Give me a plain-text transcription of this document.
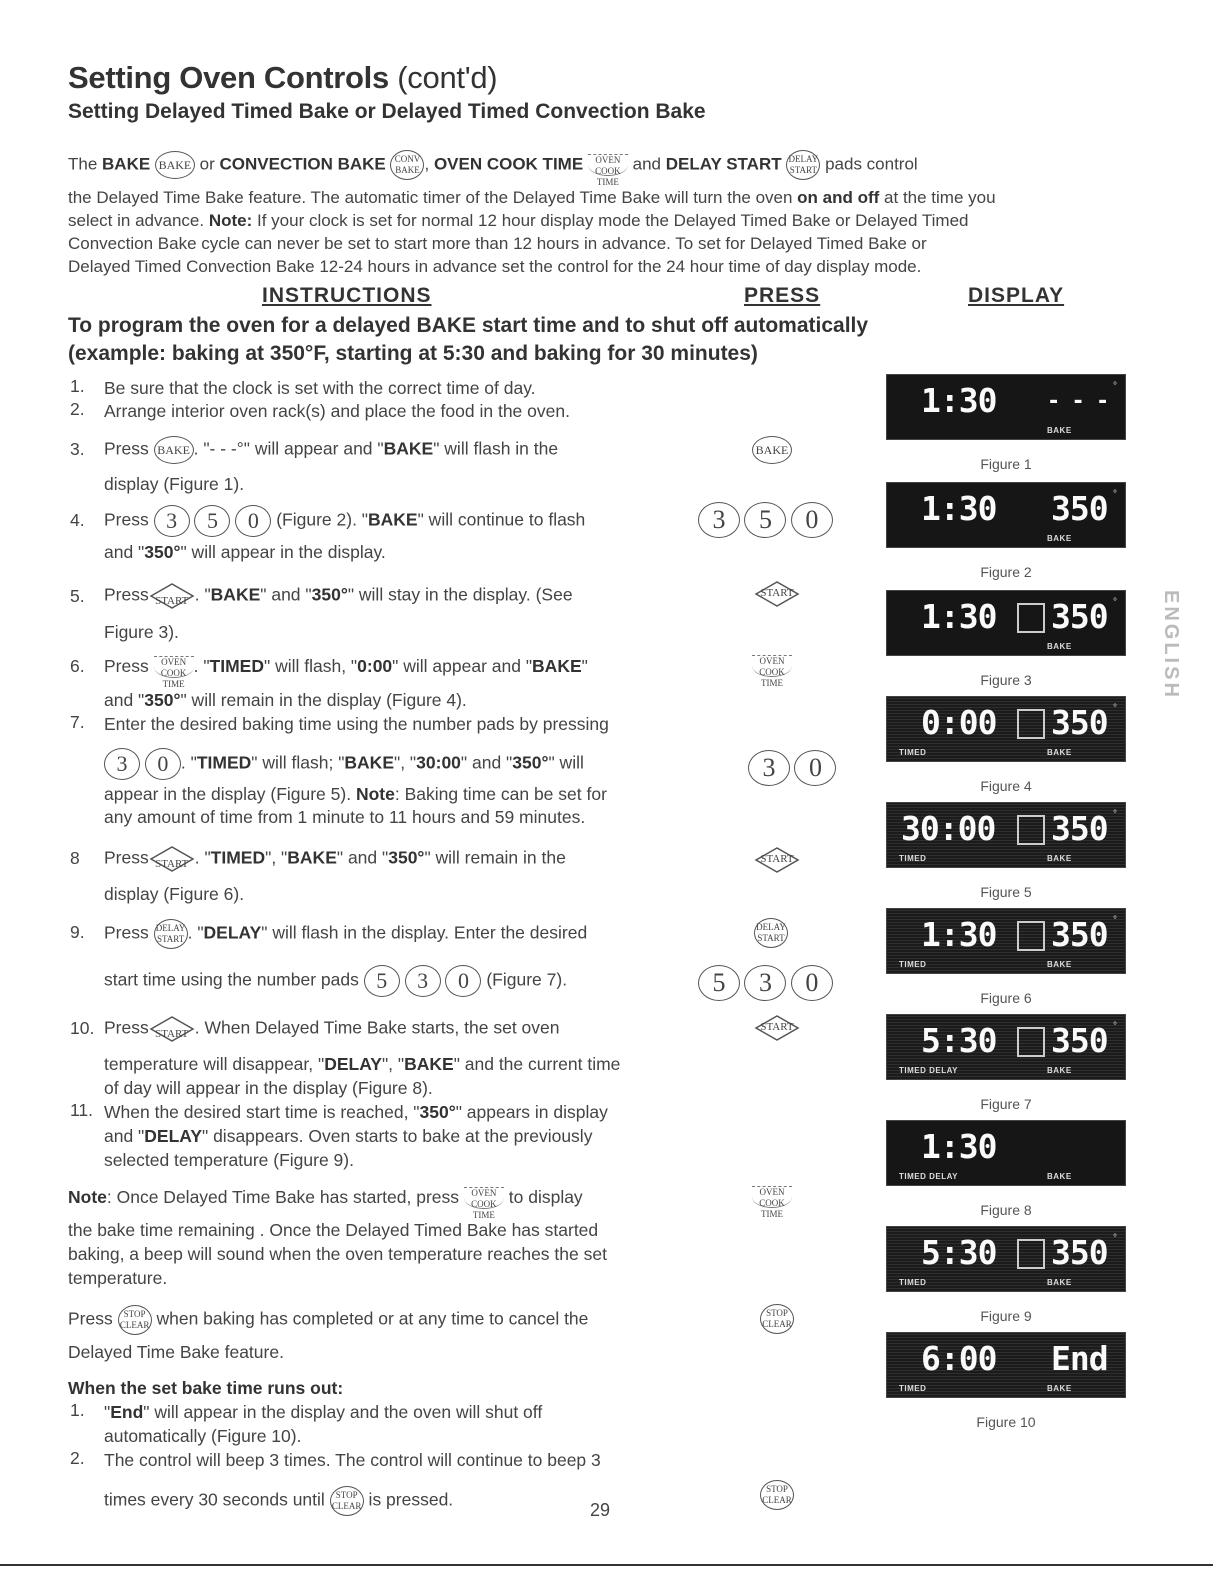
Setting Oven Controls (cont'd)
Setting Delayed Timed Bake or Delayed Timed Convection Bake
The BAKE BAKE or CONVECTION BAKE CONV
BAKE , OVEN COOK TIME OVEN COOK
TIME and DELAY START DELAY
START pads control
the Delayed Time Bake feature. The automatic timer of the Delayed Time Bake will turn the oven on and off at the time you
select in advance. Note: If your clock is set for normal 12 hour display mode the Delayed Timed Bake or Delayed Timed
Convection Bake cycle can never be set to start more than 12 hours in advance. To set for Delayed Timed Bake or
Delayed Timed Convection Bake 12-24 hours in advance set the control for the 24 hour time of day display mode.
INSTRUCTIONS	PRESS	DISPLAY
To program the oven for a delayed BAKE start time and to shut off automatically
(example: baking at 350°F, starting at 5:30 and baking for 30 minutes)
1.	Be sure that the clock is set with the correct time of day.
2.	Arrange interior oven rack(s) and place the food in the oven.
3.	Press BAKE . "- - -°" will appear and "BAKE" will flash in the
display (Figure 1).
4.	Press 3 5 0 (Figure 2). "BAKE" will continue to flash
and "350°" will appear in the display.
5.	Press START . "BAKE" and "350°" will stay in the display. (See
Figure 3).
6.	Press OVEN COOK
TIME. "TIMED" will flash, "0:00" will appear and "BAKE"
and "350°" will remain in the display (Figure 4).
7.	Enter the desired baking time using the number pads by pressing
3 0 . "TIMED" will flash; "BAKE", "30:00" and "350°" will
appear in the display (Figure 5). Note: Baking time can be set for
any amount of time from 1 minute to 11 hours and 59 minutes.
8	Press START . "TIMED", "BAKE" and "350°" will remain in the
display (Figure 6).
9.	Press DELAY
START . "DELAY" will flash in the display. Enter the desired
start time using the number pads 5 3 0 (Figure 7).
10. Press START . When Delayed Time Bake starts, the set oven
temperature will disappear, "DELAY", "BAKE" and the current time
of day will appear in the display (Figure 8).
11. When the desired start time is reached, "350°" appears in display
and "DELAY" disappears. Oven starts to bake at the previously
selected temperature (Figure 9).
Note: Once Delayed Time Bake has started, press OVEN COOK
TIME to display
the bake time remaining . Once the Delayed Timed Bake has started
baking, a beep will sound when the oven temperature reaches the set
temperature.
Press STOP
CLEAR when baking has completed or at any time to cancel the
Delayed Time Bake feature.
When the set bake time runs out:
1.	"End" will appear in the display and the oven will shut off
automatically (Figure 10).
2.	The control will beep 3 times. The control will continue to beep 3
times every 30 seconds until STOP
CLEAR is pressed.
BAKE
3 5 0
START
OVEN COOK
TIME
3 0
START
DELAY
START
5 3 0
START
OVEN COOK
TIME
STOP
CLEAR
STOP
CLEAR
1:30 - - -
°
BAKE
Figure 1
1:30 350 °
BAKE
Figure 2
1:30 350 °
BAKE
Figure 3
0:00 350 °
TIMED	BAKE
Figure 4
30:00 350 °
TIMED	BAKE
Figure 5
1:30 350 °
TIMED	BAKE
Figure 6
5:30 350 °
TIMED DELAY	BAKE
Figure 7
1:30
TIMED DELAY	BAKE
Figure 8
5:30 350 °
TIMED	BAKE
Figure 9
6:00 End
TIMED	BAKE
Figure 10
ENGLISH
29
